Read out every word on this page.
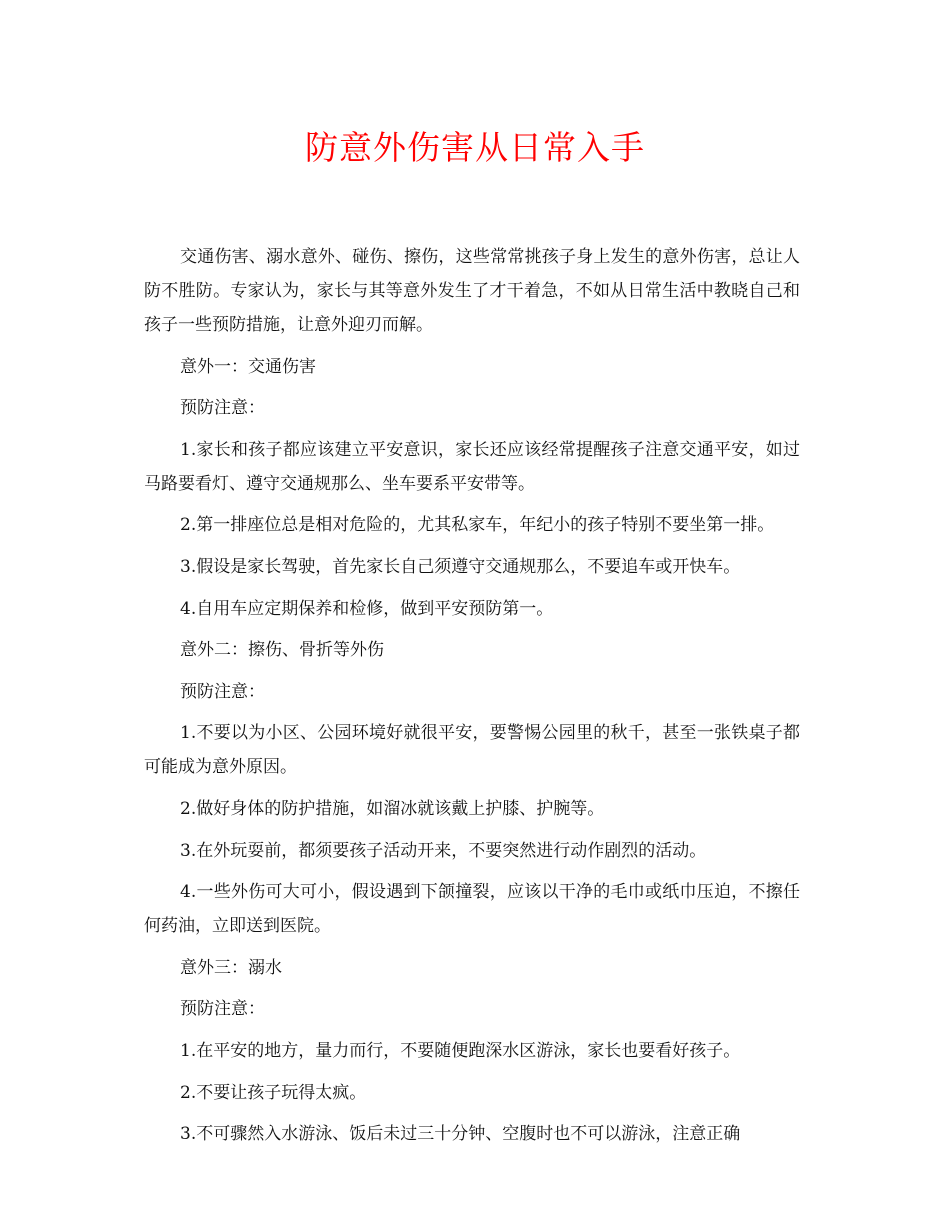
防意外伤害从日常入手

交通伤害、溺水意外、碰伤、擦伤，这些常常挑孩子身上发生的意外伤害，总让人防不胜防。专家认为，家长与其等意外发生了才干着急，不如从日常生活中教晓自己和孩子一些预防措施，让意外迎刃而解。

意外一：交通伤害

预防注意：

1.家长和孩子都应该建立平安意识，家长还应该经常提醒孩子注意交通平安，如过马路要看灯、遵守交通规那么、坐车要系平安带等。

2.第一排座位总是相对危险的，尤其私家车，年纪小的孩子特别不要坐第一排。

3.假设是家长驾驶，首先家长自己须遵守交通规那么，不要追车或开快车。

4.自用车应定期保养和检修，做到平安预防第一。

意外二：擦伤、骨折等外伤

预防注意：

1.不要以为小区、公园环境好就很平安，要警惕公园里的秋千，甚至一张铁桌子都可能成为意外原因。

2.做好身体的防护措施，如溜冰就该戴上护膝、护腕等。

3.在外玩耍前，都须要孩子活动开来，不要突然进行动作剧烈的活动。

4.一些外伤可大可小，假设遇到下颌撞裂，应该以干净的毛巾或纸巾压迫，不擦任何药油，立即送到医院。

意外三：溺水

预防注意：

1.在平安的地方，量力而行，不要随便跑深水区游泳，家长也要看好孩子。

2.不要让孩子玩得太疯。

3.不可骤然入水游泳、饭后未过三十分钟、空腹时也不可以游泳，注意正确
